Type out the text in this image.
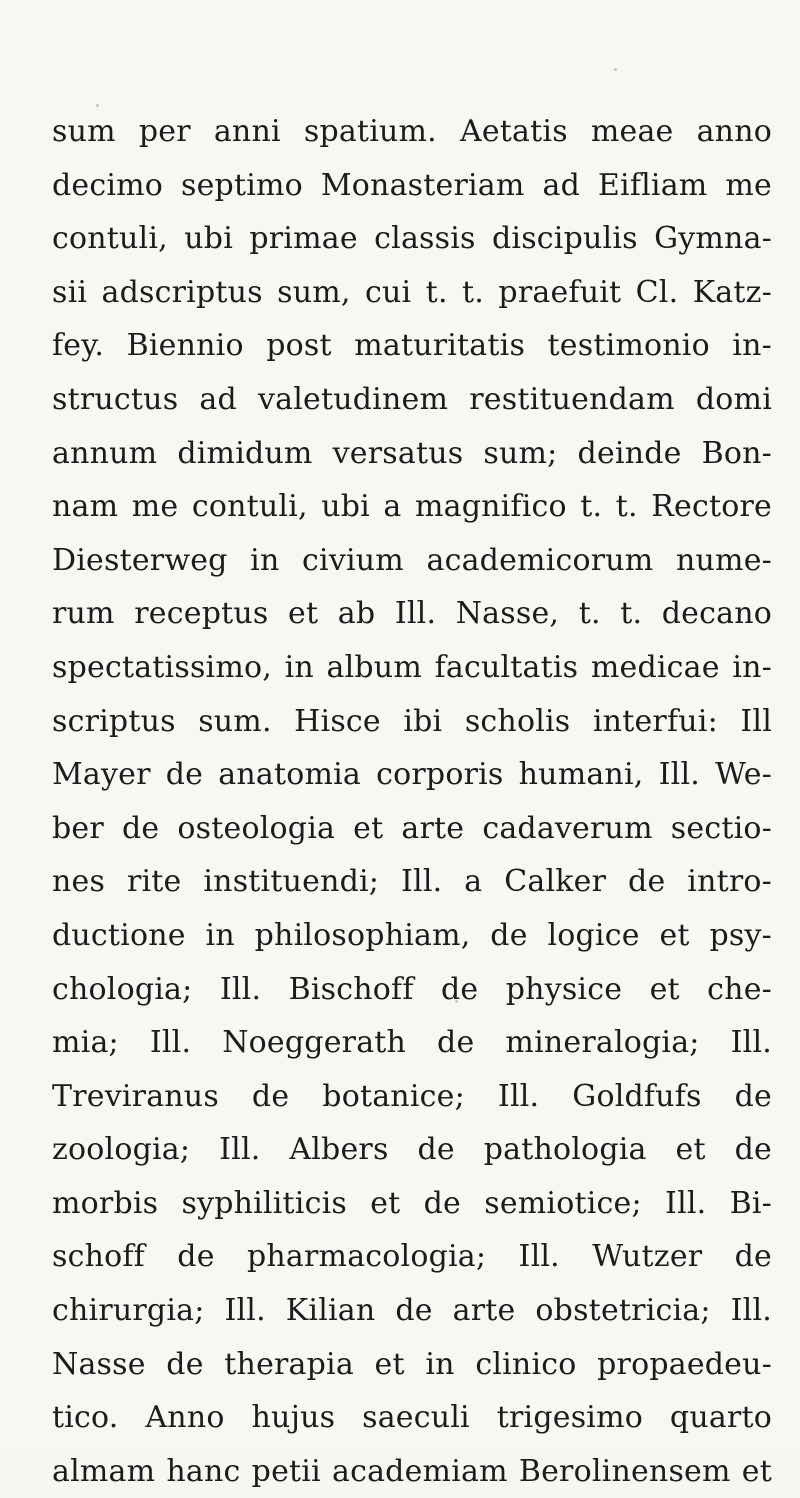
sum per anni spatium. Aetatis meae anno
decimo septimo Monasteriam ad Eifliam me
contuli, ubi primae classis discipulis Gymna-
sii adscriptus sum, cui t. t. praefuit Cl. Katz-
fey. Biennio post maturitatis testimonio in-
structus ad valetudinem restituendam domi
annum dimidum versatus sum; deinde Bon-
nam me contuli, ubi a magnifico t. t. Rectore
Diesterweg in civium academicorum nume-
rum receptus et ab Ill. Nasse, t. t. decano
spectatissimo, in album facultatis medicae in-
scriptus sum. Hisce ibi scholis interfui: Ill
Mayer de anatomia corporis humani, Ill. We-
ber de osteologia et arte cadaverum sectio-
nes rite instituendi; Ill. a Calker de intro-
ductione in philosophiam, de logice et psy-
chologia; Ill. Bischoff de physice et che-
mia; Ill. Noeggerath de mineralogia; Ill.
Treviranus de botanice; Ill. Goldfufs de
zoologia; Ill. Albers de pathologia et de
morbis syphiliticis et de semiotice; Ill. Bi-
schoff de pharmacologia; Ill. Wutzer de
chirurgia; Ill. Kilian de arte obstetricia; Ill.
Nasse de therapia et in clinico propaedeu-
tico. Anno hujus saeculi trigesimo quarto
almam hanc petii academiam Berolinensem et
